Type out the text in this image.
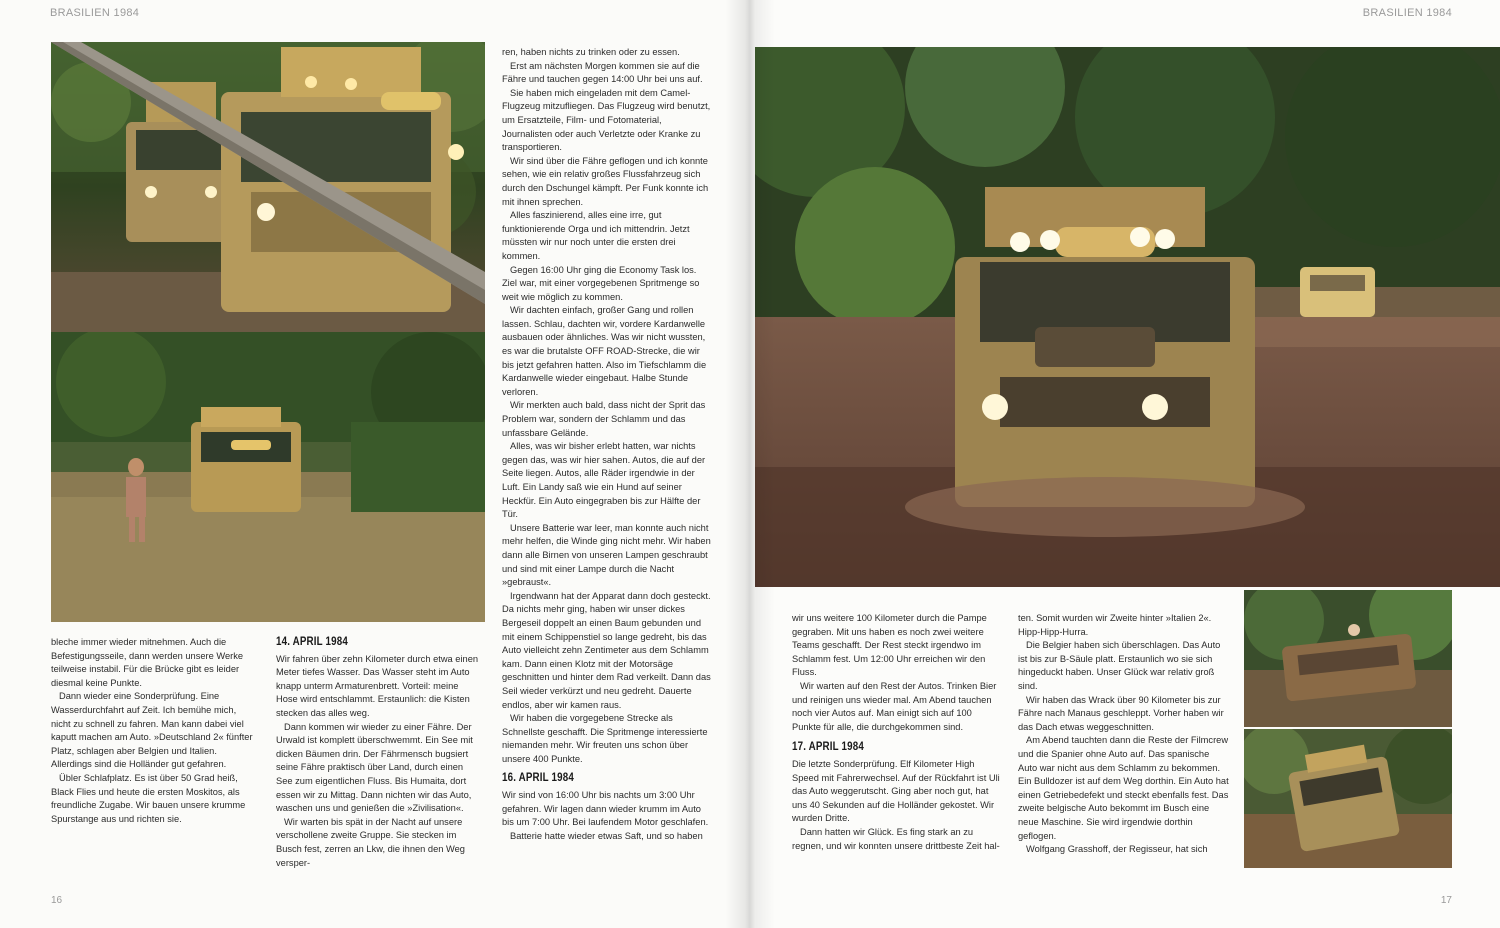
BRASILIEN 1984

bleche immer wieder mitnehmen. Auch die Befestigungsseile, dann werden unsere Werke teilweise instabil. Für die Brücke gibt es leider diesmal keine Punkte.

Dann wieder eine Sonderprüfung. Eine Wasserdurchfahrt auf Zeit. Ich bemühe mich, nicht zu schnell zu fahren. Man kann dabei viel kaputt machen am Auto. »Deutschland 2« fünfter Platz, schlagen aber Belgien und Italien. Allerdings sind die Holländer gut gefahren.

Übler Schlafplatz. Es ist über 50 Grad heiß, Black Flies und heute die ersten Moskitos, als freundliche Zugabe. Wir bauen unsere krumme Spurstange aus und richten sie.

14. APRIL 1984

Wir fahren über zehn Kilometer durch etwa einen Meter tiefes Wasser. Das Wasser steht im Auto knapp unterm Armaturenbrett. Vorteil: meine Hose wird entschlammt. Erstaunlich: die Kisten stecken das alles weg.

Dann kommen wir wieder zu einer Fähre. Der Urwald ist komplett überschwemmt. Ein See mit dicken Bäumen drin. Der Fährmensch bugsiert seine Fähre praktisch über Land, durch einen See zum eigentlichen Fluss. Bis Humaita, dort essen wir zu Mittag. Dann nichten wir das Auto, waschen uns und genießen die »Zivilisation«.

Wir warten bis spät in der Nacht auf unsere verschollene zweite Gruppe. Sie stecken im Busch fest, zerren an Lkw, die ihnen den Weg versper-

ren, haben nichts zu trinken oder zu essen.

Erst am nächsten Morgen kommen sie auf die Fähre und tauchen gegen 14:00 Uhr bei uns auf.

Sie haben mich eingeladen mit dem Camel-Flugzeug mitzufliegen. Das Flugzeug wird benutzt, um Ersatzteile, Film- und Fotomaterial, Journalisten oder auch Verletzte oder Kranke zu transportieren.

Wir sind über die Fähre geflogen und ich konnte sehen, wie ein relativ großes Flussfahrzeug sich durch den Dschungel kämpft. Per Funk konnte ich mit ihnen sprechen.

Alles faszinierend, alles eine irre, gut funktionierende Orga und ich mittendrin. Jetzt müssten wir nur noch unter die ersten drei kommen.

Gegen 16:00 Uhr ging die Economy Task los. Ziel war, mit einer vorgegebenen Spritmenge so weit wie möglich zu kommen.

Wir dachten einfach, großer Gang und rollen lassen. Schlau, dachten wir, vordere Kardanwelle ausbauen oder ähnliches. Was wir nicht wussten, es war die brutalste OFF ROAD-Strecke, die wir bis jetzt gefahren hatten. Also im Tiefschlamm die Kardanwelle wieder eingebaut. Halbe Stunde verloren.

Wir merkten auch bald, dass nicht der Sprit das Problem war, sondern der Schlamm und das unfassbare Gelände.

Alles, was wir bisher erlebt hatten, war nichts gegen das, was wir hier sahen. Autos, die auf der Seite liegen. Autos, alle Räder irgendwie in der Luft. Ein Landy saß wie ein Hund auf seiner Heckfür. Ein Auto eingegraben bis zur Hälfte der Tür.

Unsere Batterie war leer, man konnte auch nicht mehr helfen, die Winde ging nicht mehr. Wir haben dann alle Birnen von unseren Lampen geschraubt und sind mit einer Lampe durch die Nacht »gebraust«.

Irgendwann hat der Apparat dann doch gesteckt. Da nichts mehr ging, haben wir unser dickes Bergeseil doppelt an einen Baum gebunden und mit einem Schippenstiel so lange gedreht, bis das Auto vielleicht zehn Zentimeter aus dem Schlamm kam. Dann einen Klotz mit der Motorsäge geschnitten und hinter dem Rad verkeilt. Dann das Seil wieder verkürzt und neu gedreht. Dauerte endlos, aber wir kamen raus.

Wir haben die vorgegebene Strecke als Schnellste geschafft. Die Spritmenge interessierte niemanden mehr. Wir freuten uns schon über unsere 400 Punkte.

16. APRIL 1984

Wir sind von 16:00 Uhr bis nachts um 3:00 Uhr gefahren. Wir lagen dann wieder krumm im Auto bis um 7:00 Uhr. Bei laufendem Motor geschlafen.

Batterie hatte wieder etwas Saft, und so haben

16
BRASILIEN 1984

wir uns weitere 100 Kilometer durch die Pampe gegraben. Mit uns haben es noch zwei weitere Teams geschafft. Der Rest steckt irgendwo im Schlamm fest. Um 12:00 Uhr erreichen wir den Fluss.

Wir warten auf den Rest der Autos. Trinken Bier und reinigen uns wieder mal. Am Abend tauchen noch vier Autos auf. Man einigt sich auf 100 Punkte für alle, die durchgekommen sind.

17. APRIL 1984

Die letzte Sonderprüfung. Elf Kilometer High Speed mit Fahrerwechsel. Auf der Rückfahrt ist Uli das Auto weggerutscht. Ging aber noch gut, hat uns 40 Sekunden auf die Holländer gekostet. Wir wurden Dritte.

Dann hatten wir Glück. Es fing stark an zu regnen, und wir konnten unsere drittbeste Zeit hal-

ten. Somit wurden wir Zweite hinter »Italien 2«. Hipp-Hipp-Hurra.

Die Belgier haben sich überschlagen. Das Auto ist bis zur B-Säule platt. Erstaunlich wo sie sich hingeduckt haben. Unser Glück war relativ groß sind.

Wir haben das Wrack über 90 Kilometer bis zur Fähre nach Manaus geschleppt. Vorher haben wir das Dach etwas weggeschnitten.

Am Abend tauchten dann die Reste der Filmcrew und die Spanier ohne Auto auf. Das spanische Auto war nicht aus dem Schlamm zu bekommen. Ein Bulldozer ist auf dem Weg dorthin. Ein Auto hat einen Getriebedefekt und steckt ebenfalls fest. Das zweite belgische Auto bekommt im Busch eine neue Maschine. Sie wird irgendwie dorthin geflogen.

Wolfgang Grasshoff, der Regisseur, hat sich

17
